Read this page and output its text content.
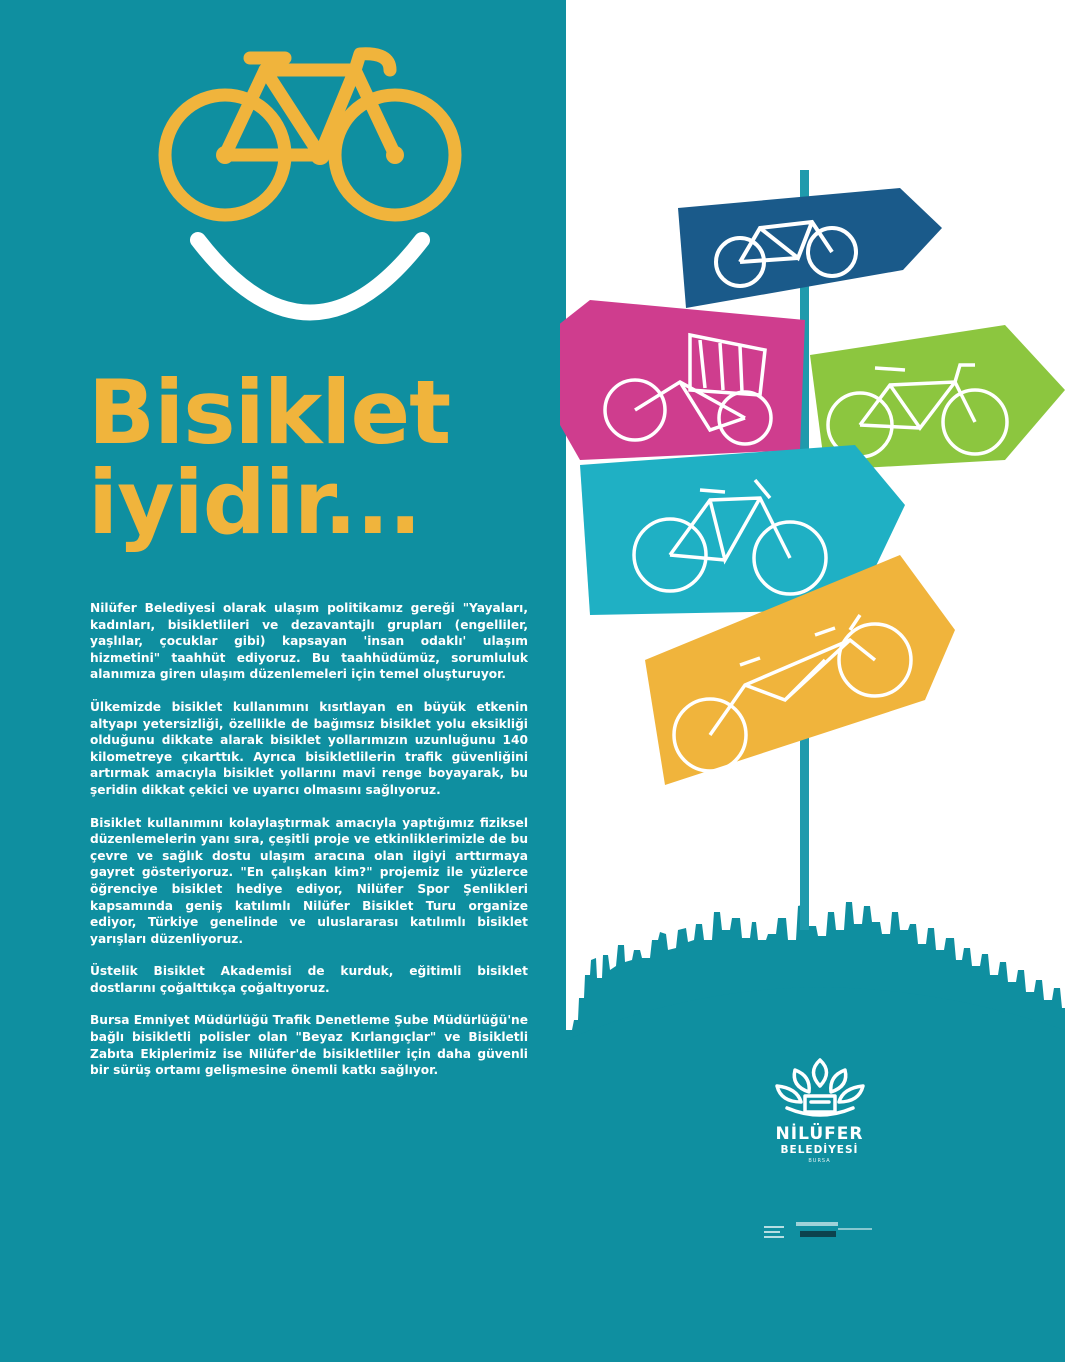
Bisiklet
iyidir...

Nilüfer Belediyesi olarak ulaşım politikamız gereği "Yayaları, kadınları, bisikletlileri ve dezavantajlı grupları (engelliler, yaşlılar, çocuklar gibi) kapsayan 'insan odaklı' ulaşım hizmetini" taahhüt ediyoruz. Bu taahhüdümüz, sorumluluk alanımıza giren ulaşım düzenlemeleri için temel oluşturuyor.

Ülkemizde bisiklet kullanımını kısıtlayan en büyük etkenin altyapı yetersizliği, özellikle de bağımsız bisiklet yolu eksikliği olduğunu dikkate alarak bisiklet yollarımızın uzunluğunu 140 kilometreye çıkarttık. Ayrıca bisikletlilerin trafik güvenliğini artırmak amacıyla bisiklet yollarını mavi renge boyayarak, bu şeridin dikkat çekici ve uyarıcı olmasını sağlıyoruz.

Bisiklet kullanımını kolaylaştırmak amacıyla yaptığımız fiziksel düzenlemelerin yanı sıra, çeşitli proje ve etkinliklerimizle de bu çevre ve sağlık dostu ulaşım aracına olan ilgiyi arttırmaya gayret gösteriyoruz. "En çalışkan kim?" projemiz ile yüzlerce öğrenciye bisiklet hediye ediyor, Nilüfer Spor Şenlikleri kapsamında geniş katılımlı Nilüfer Bisiklet Turu organize ediyor, Türkiye genelinde ve uluslararası katılımlı bisiklet yarışları düzenliyoruz.

Üstelik Bisiklet Akademisi de kurduk, eğitimli bisiklet dostlarını çoğalttıkça çoğaltıyoruz.

Bursa Emniyet Müdürlüğü Trafik Denetleme Şube Müdürlüğü'ne bağlı bisikletli polisler olan "Beyaz Kırlangıçlar" ve Bisikletli Zabıta Ekiplerimiz ise Nilüfer'de bisikletliler için daha güvenli bir sürüş ortamı gelişmesine önemli katkı sağlıyor.

NİLÜFER
BELEDİYESİ
BURSA
